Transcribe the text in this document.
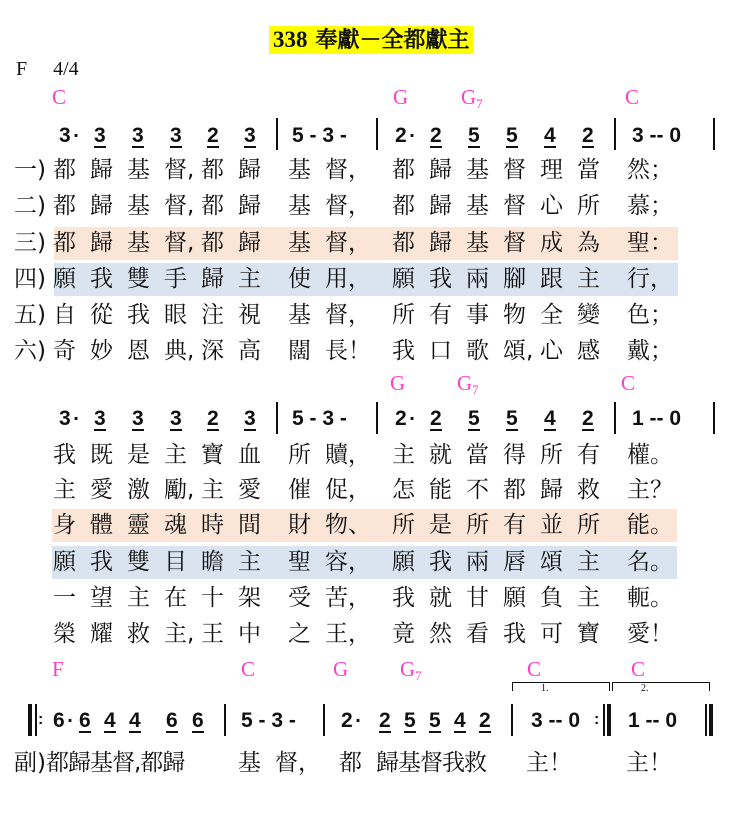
338 奉獻－全都獻主
F 4/4
C	G	$G_7$	C
3 · 3 3 3 2 3 5 - 3 - 2 · 2 5 5 4 2 3 -- 0
一) 都 歸 基 督, 都 歸 基 督， 都 歸 基 督 理 當 然；
二) 都 歸 基 督, 都 歸 基 督， 都 歸 基 督 心 所 慕；
三) 都 歸 基 督, 都 歸 基 督， 都 歸 基 督 成 為 聖：
四) 願 我 雙 手 歸 主 使 用， 願 我 兩 腳 跟 主 行，
五) 自 從 我 眼 注 視 基 督， 所 有 事 物 全 變 色；
六) 奇 妙 恩 典, 深 高 闊 長！ 我 口 歌 頌, 心 感 戴；
G $G_7$	C
3 · 3 3 3 2 3 5 - 3 - 2 · 2 5 5 4 2 1 -- 0
我 既 是 主 寶 血 所 贖， 主 就 當 得 所 有 權。
主 愛 激 勵, 主 愛 催 促， 怎 能 不 都 歸 救 主？
身 體 靈 魂 時 間 財 物、 所 是 所 有 並 所 能。
願 我 雙 目 瞻 主 聖 容， 願 我 兩 唇 頌 主 名。
一 望 主 在 十 架 受 苦， 我 就 甘 願 負 主 軛。
榮 耀 救 主, 王 中 之 王， 竟 然 看 我 可 寶 愛！
F	C	G $G_7$	C	C
1.	2.
: 6 · 6 4 4 6 6 5 - 3 - 2 · 2 5 5 4 2 3 -- 0 : 1 -- 0
副)都歸基督,都歸 基 督， 都 歸基督我救 主！ 主！
